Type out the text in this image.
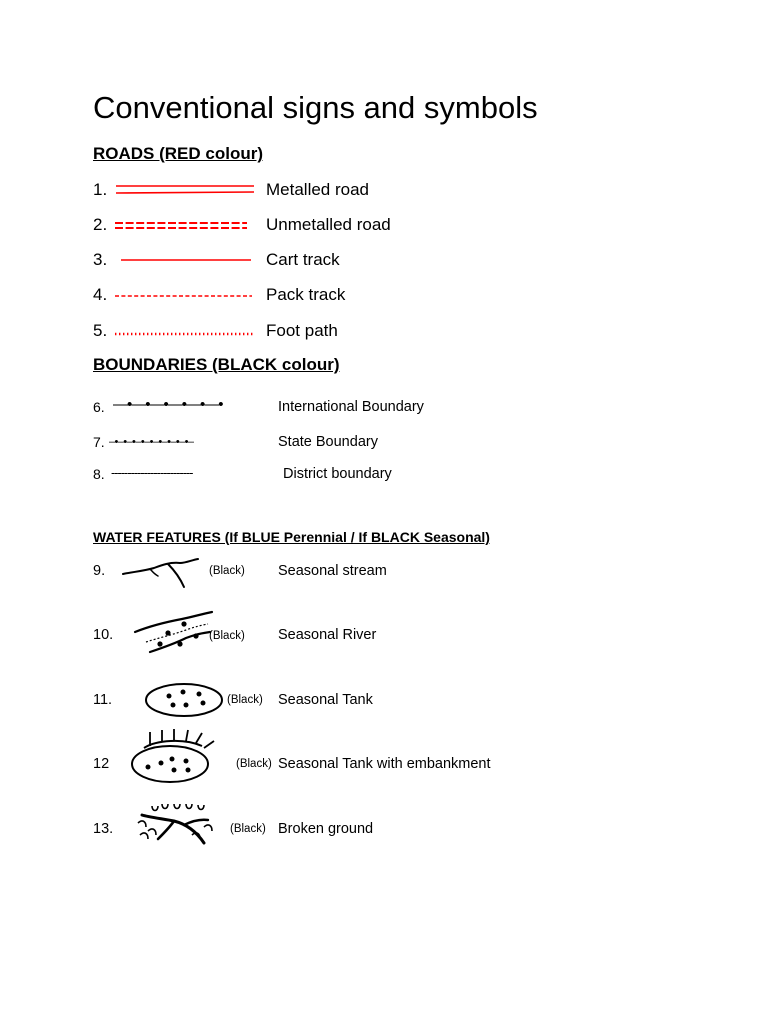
Conventional signs and symbols
ROADS (RED colour)
1.	Metalled road
2.	Unmetalled road
3.	Cart track
4.	Pack track
5.	Foot path
BOUNDARIES (BLACK colour)
6. —•—•—•—•—•—•	International Boundary
7. –•–•–•–•–•–•–•–•–•–	State Boundary
8. -------------------------	District boundary
WATER FEATURES (If BLUE Perennial / If BLACK Seasonal)
9.	(Black) Seasonal stream
10.	(Black) Seasonal River
11.	(Black) Seasonal Tank
12	(Black) Seasonal Tank with embankment
13.	(Black) Broken ground
